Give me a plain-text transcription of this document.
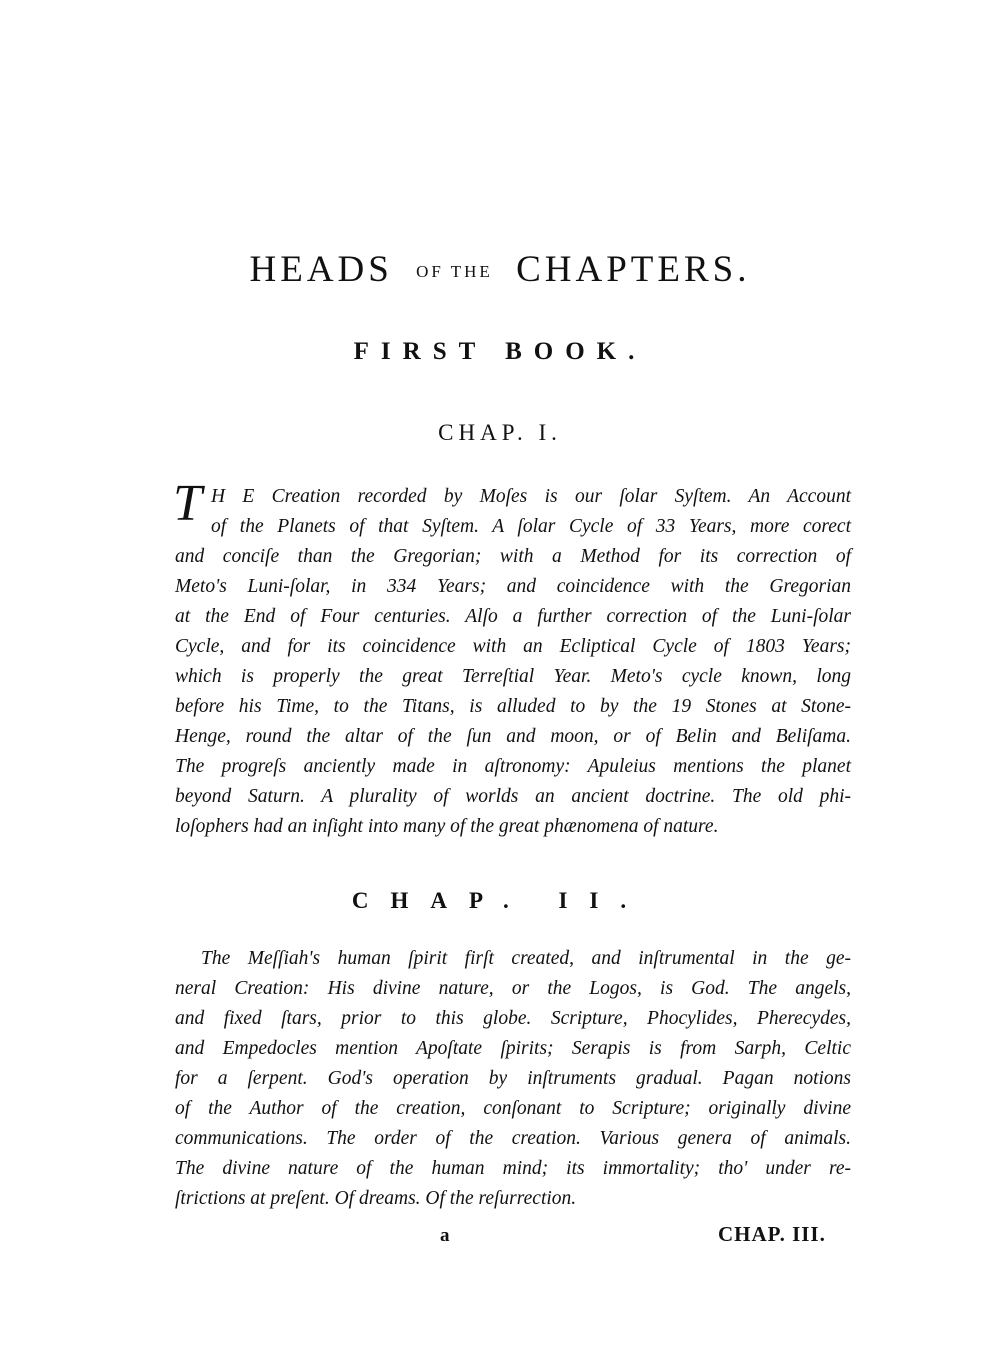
HEADS OF THE CHAPTERS.
FIRST BOOK.
CHAP. I.
T H E Creation recorded by Moſes is our ſolar Syſtem. An Account
of the Planets of that Syſtem. A ſolar Cycle of 33 Years, more corect
and conciſe than the Gregorian; with a Method for its correction of
Meto's Luni-ſolar, in 334 Years; and coincidence with the Gregorian
at the End of Four centuries. Alſo a further correction of the Luni-ſolar
Cycle, and for its coincidence with an Ecliptical Cycle of 1803 Years;
which is properly the great Terreſtial Year. Meto's cycle known, long
before his Time, to the Titans, is alluded to by the 19 Stones at Stone-
Henge, round the altar of the ſun and moon, or of Belin and Beliſama.
The progreſs anciently made in aſtronomy: Apuleius mentions the planet
beyond Saturn. A plurality of worlds an ancient doctrine. The old phi-
loſophers had an inſight into many of the great phænomena of nature.
CHAP. II.
The Meſſiah's human ſpirit firſt created, and inſtrumental in the ge-
neral Creation: His divine nature, or the Logos, is God. The angels,
and fixed ſtars, prior to this globe. Scripture, Phocylides, Pherecydes,
and Empedocles mention Apoſtate ſpirits; Serapis is from Sarph, Celtic
for a ſerpent. God's operation by inſtruments gradual. Pagan notions
of the Author of the creation, conſonant to Scripture; originally divine
communications. The order of the creation. Various genera of animals.
The divine nature of the human mind; its immortality; tho' under re-
ſtrictions at preſent. Of dreams. Of the reſurrection.
a	CHAP. III.
